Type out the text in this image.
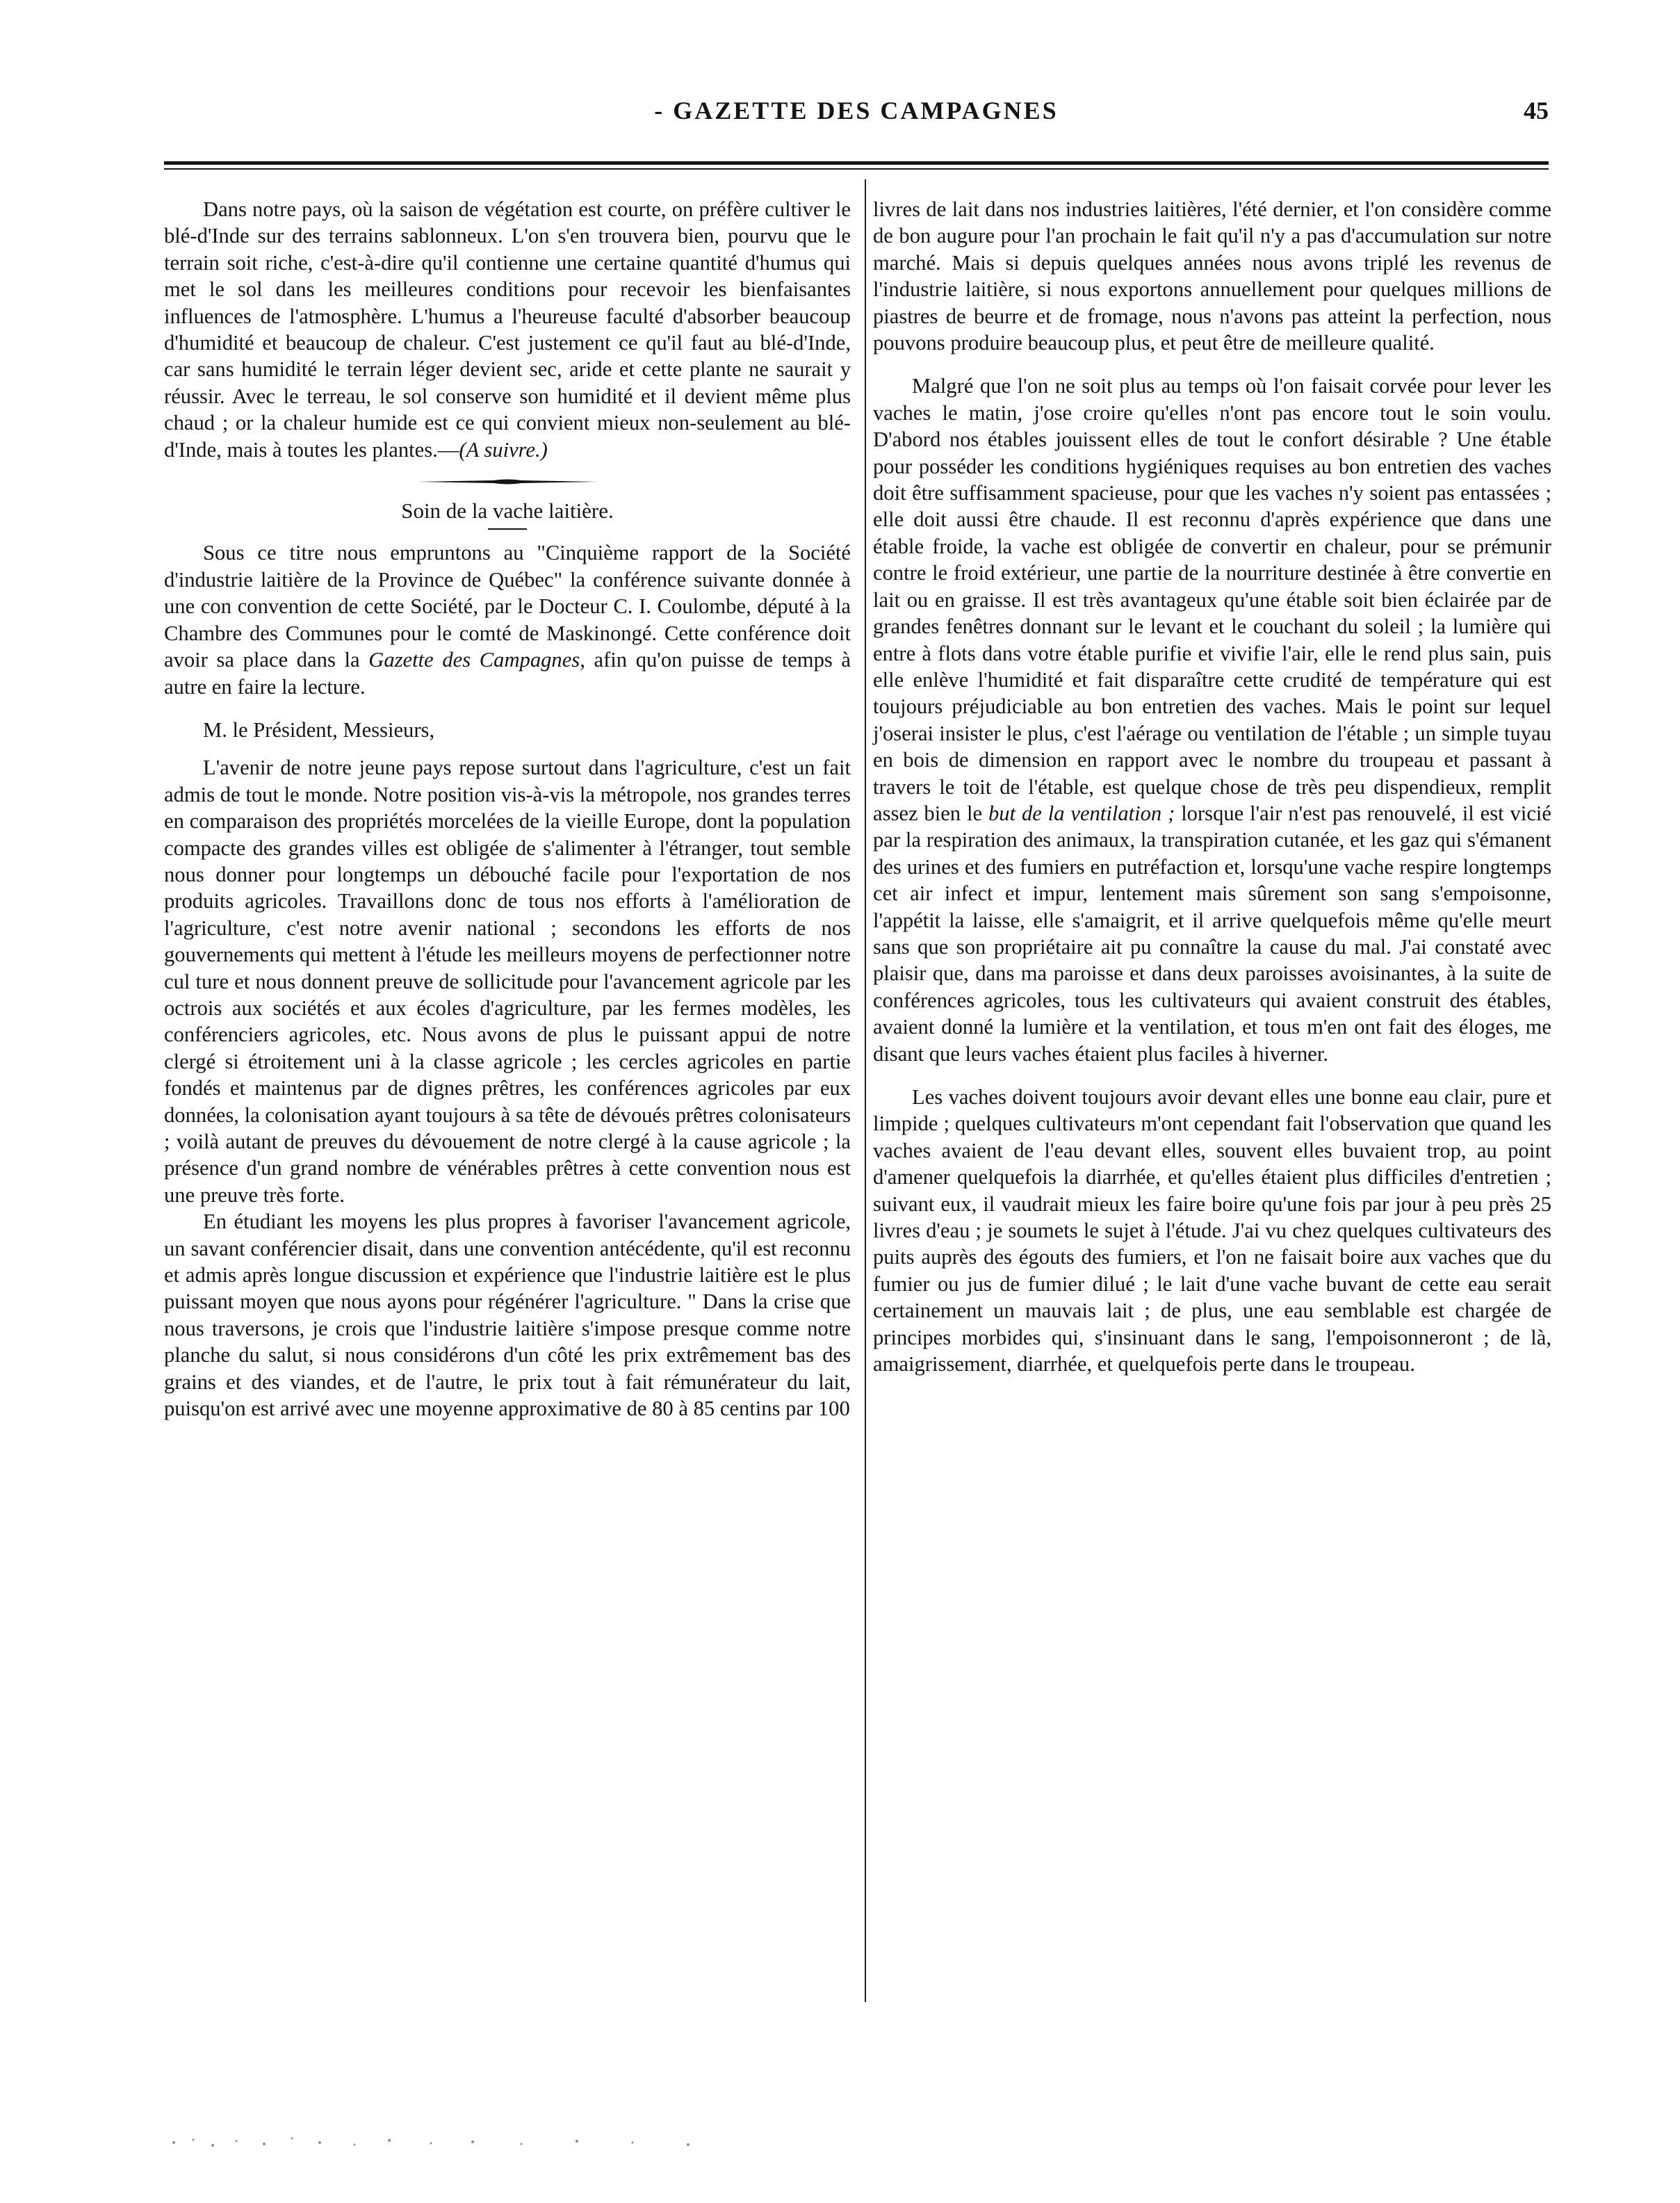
- GAZETTE DES CAMPAGNES	45

Dans notre pays, où la saison de végétation est courte, on préfère cultiver le blé-d'Inde sur des terrains sablonneux. L'on s'en trouvera bien, pourvu que le terrain soit riche, c'est-à-dire qu'il contienne une certaine quantité d'humus qui met le sol dans les meilleures conditions pour recevoir les bienfaisantes influences de l'atmosphère. L'humus a l'heureuse faculté d'absorber beaucoup d'humidité et beaucoup de chaleur. C'est justement ce qu'il faut au blé-d'Inde, car sans humidité le terrain léger devient sec, aride et cette plante ne saurait y réussir. Avec le terreau, le sol conserve son humidité et il devient même plus chaud ; or la chaleur humide est ce qui convient mieux non-seulement au blé-d'Inde, mais à toutes les plantes.—(A suivre.)

Soin de la vache laitière.

Sous ce titre nous empruntons au "Cinquième rapport de la Société d'industrie laitière de la Province de Québec" la conférence suivante donnée à une con convention de cette Société, par le Docteur C. I. Coulombe, député à la Chambre des Communes pour le comté de Maskinongé. Cette conférence doit avoir sa place dans la Gazette des Campagnes, afin qu'on puisse de temps à autre en faire la lecture.

M. le Président, Messieurs,

L'avenir de notre jeune pays repose surtout dans l'agriculture, c'est un fait admis de tout le monde. Notre position vis-à-vis la métropole, nos grandes terres en comparaison des propriétés morcelées de la vieille Europe, dont la population compacte des grandes villes est obligée de s'alimenter à l'étranger, tout semble nous donner pour longtemps un débouché facile pour l'exportation de nos produits agricoles. Travaillons donc de tous nos efforts à l'amélioration de l'agriculture, c'est notre avenir national ; secondons les efforts de nos gouvernements qui mettent à l'étude les meilleurs moyens de perfectionner notre cul ture et nous donnent preuve de sollicitude pour l'avancement agricole par les octrois aux sociétés et aux écoles d'agriculture, par les fermes modèles, les conférenciers agricoles, etc. Nous avons de plus le puissant appui de notre clergé si étroitement uni à la classe agricole ; les cercles agricoles en partie fondés et maintenus par de dignes prêtres, les conférences agricoles par eux données, la colonisation ayant toujours à sa tête de dévoués prêtres colonisateurs ; voilà autant de preuves du dévouement de notre clergé à la cause agricole ; la présence d'un grand nombre de vénérables prêtres à cette convention nous est une preuve très forte.

En étudiant les moyens les plus propres à favoriser l'avancement agricole, un savant conférencier disait, dans une convention antécédente, qu'il est reconnu et admis après longue discussion et expérience que l'industrie laitière est le plus puissant moyen que nous ayons pour régénérer l'agriculture. " Dans la crise que nous traversons, je crois que l'industrie laitière s'impose presque comme notre planche du salut, si nous considérons d'un côté les prix extrêmement bas des grains et des viandes, et de l'autre, le prix tout à fait rémunérateur du lait, puisqu'on est arrivé avec une moyenne approximative de 80 à 85 centins par 100

livres de lait dans nos industries laitières, l'été dernier, et l'on considère comme de bon augure pour l'an prochain le fait qu'il n'y a pas d'accumulation sur notre marché. Mais si depuis quelques années nous avons triplé les revenus de l'industrie laitière, si nous exportons annuellement pour quelques millions de piastres de beurre et de fromage, nous n'avons pas atteint la perfection, nous pouvons produire beaucoup plus, et peut être de meilleure qualité.

Malgré que l'on ne soit plus au temps où l'on faisait corvée pour lever les vaches le matin, j'ose croire qu'elles n'ont pas encore tout le soin voulu. D'abord nos étables jouissent elles de tout le confort désirable ? Une étable pour posséder les conditions hygiéniques requises au bon entretien des vaches doit être suffisamment spacieuse, pour que les vaches n'y soient pas entassées ; elle doit aussi être chaude. Il est reconnu d'après expérience que dans une étable froide, la vache est obligée de convertir en chaleur, pour se prémunir contre le froid extérieur, une partie de la nourriture destinée à être convertie en lait ou en graisse. Il est très avantageux qu'une étable soit bien éclairée par de grandes fenêtres donnant sur le levant et le couchant du soleil ; la lumière qui entre à flots dans votre étable purifie et vivifie l'air, elle le rend plus sain, puis elle enlève l'humidité et fait disparaître cette crudité de température qui est toujours préjudiciable au bon entretien des vaches. Mais le point sur lequel j'oserai insister le plus, c'est l'aérage ou ventilation de l'étable ; un simple tuyau en bois de dimension en rapport avec le nombre du troupeau et passant à travers le toit de l'étable, est quelque chose de très peu dispendieux, remplit assez bien le but de la ventilation ; lorsque l'air n'est pas renouvelé, il est vicié par la respiration des animaux, la transpiration cutanée, et les gaz qui s'émanent des urines et des fumiers en putréfaction et, lorsqu'une vache respire longtemps cet air infect et impur, lentement mais sûrement son sang s'empoisonne, l'appétit la laisse, elle s'amaigrit, et il arrive quelquefois même qu'elle meurt sans que son propriétaire ait pu connaître la cause du mal. J'ai constaté avec plaisir que, dans ma paroisse et dans deux paroisses avoisinantes, à la suite de conférences agricoles, tous les cultivateurs qui avaient construit des étables, avaient donné la lumière et la ventilation, et tous m'en ont fait des éloges, me disant que leurs vaches étaient plus faciles à hiverner.

Les vaches doivent toujours avoir devant elles une bonne eau clair, pure et limpide ; quelques cultivateurs m'ont cependant fait l'observation que quand les vaches avaient de l'eau devant elles, souvent elles buvaient trop, au point d'amener quelquefois la diarrhée, et qu'elles étaient plus difficiles d'entretien ; suivant eux, il vaudrait mieux les faire boire qu'une fois par jour à peu près 25 livres d'eau ; je soumets le sujet à l'étude. J'ai vu chez quelques cultivateurs des puits auprès des égouts des fumiers, et l'on ne faisait boire aux vaches que du fumier ou jus de fumier dilué ; le lait d'une vache buvant de cette eau serait certainement un mauvais lait ; de plus, une eau semblable est chargée de principes morbides qui, s'insinuant dans le sang, l'empoisonneront ; de là, amaigrissement, diarrhée, et quelquefois perte dans le troupeau.
